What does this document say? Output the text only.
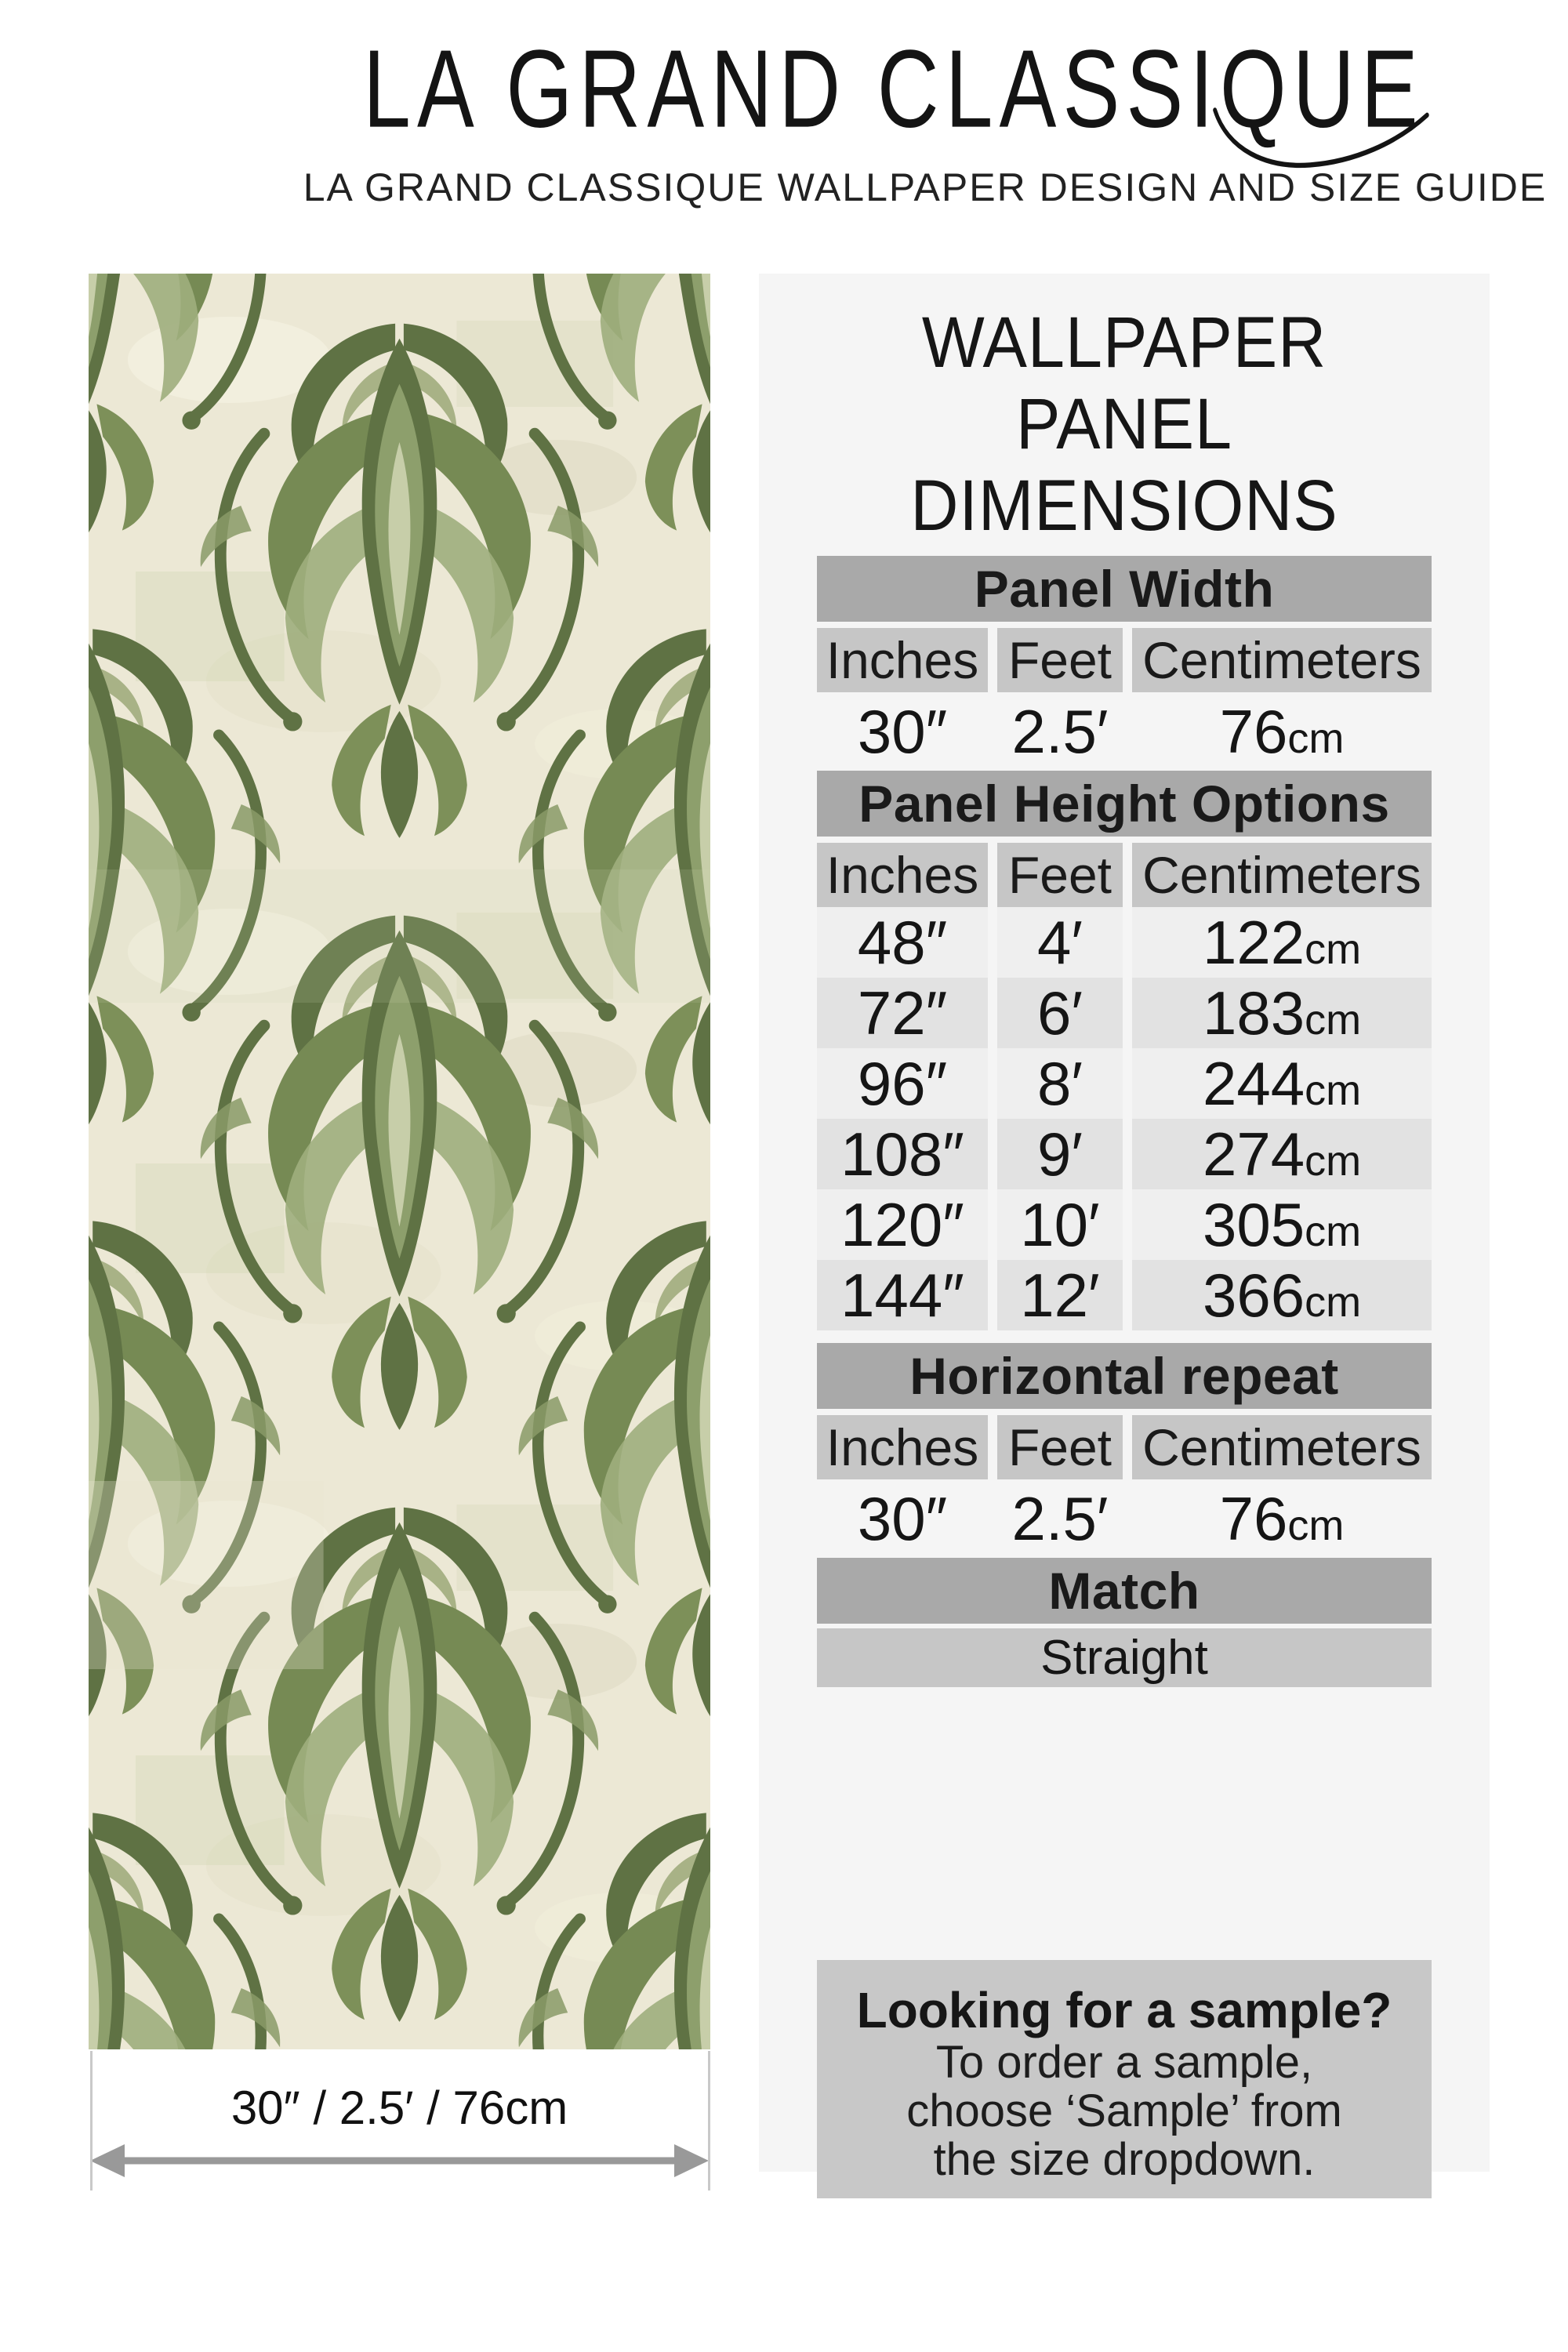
LA GRAND CLASSIQUE
LA GRAND CLASSIQUE WALLPAPER DESIGN AND SIZE GUIDE
30″ / 2.5′ / 76cm
WALLPAPER
PANEL DIMENSIONS
Panel Width
Inches Feet Centimeters
30″	2.5′	76cm
Panel Height Options
Inches Feet Centimeters
48″	4′	122cm
72″	6′	183cm
96″	8′	244cm
108″	9′	274cm
120″ 10′	305cm
144″ 12′	366cm
Horizontal repeat
Inches Feet Centimeters
30″	2.5′	76cm
Match
Straight
Looking for a sample?
To order a sample,
choose ‘Sample’ from
the size dropdown.
